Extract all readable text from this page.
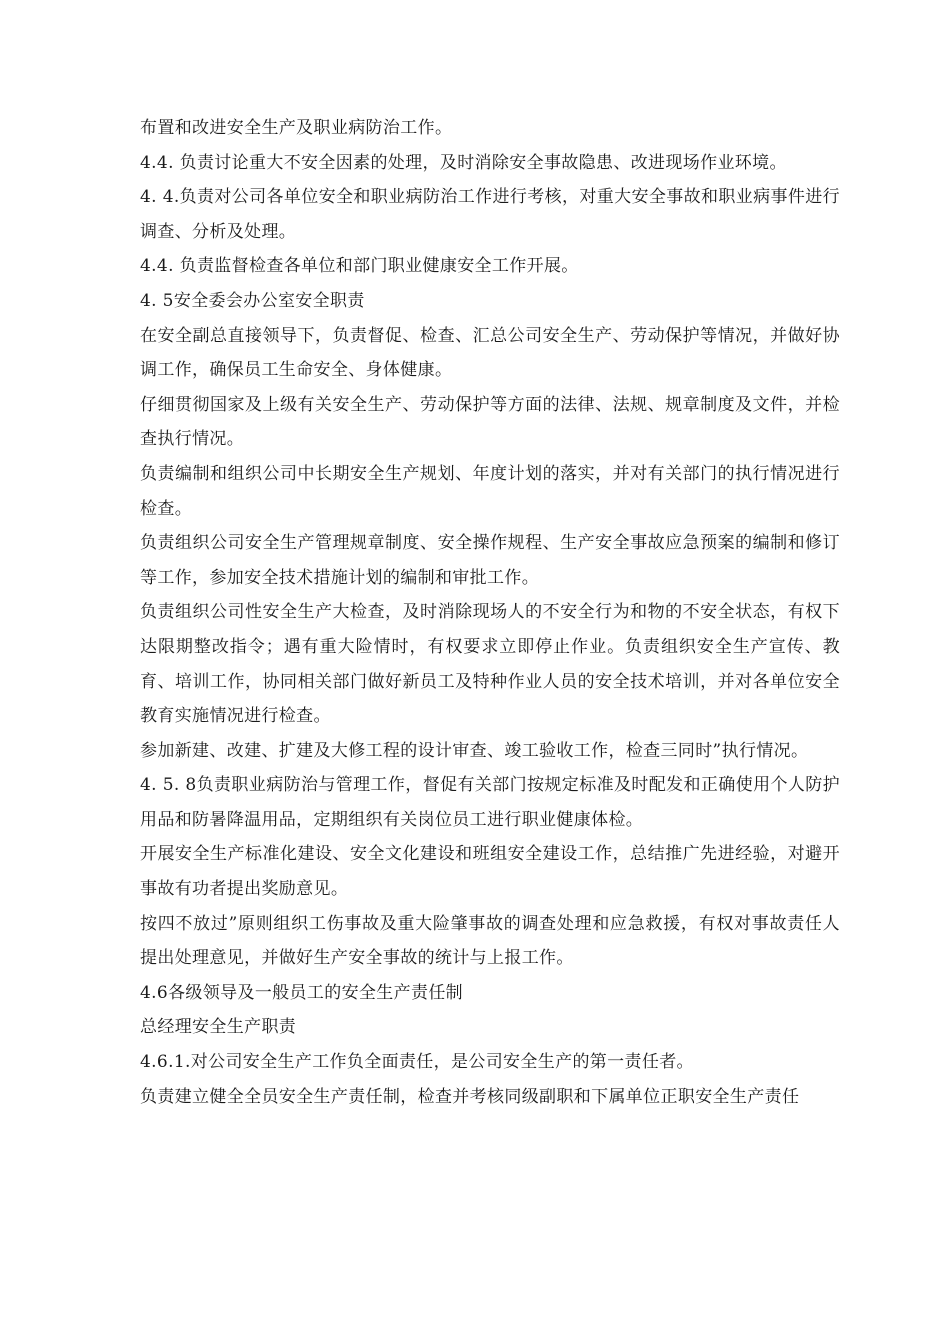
布置和改进安全生产及职业病防治工作。

4.4. 负责讨论重大不安全因素的处理，及时消除安全事故隐患、改进现场作业环境。

4. 4.负责对公司各单位安全和职业病防治工作进行考核，对重大安全事故和职业病事件进行调查、分析及处理。

4.4. 负责监督检查各单位和部门职业健康安全工作开展。

4. 5安全委会办公室安全职责

在安全副总直接领导下，负责督促、检查、汇总公司安全生产、劳动保护等情况，并做好协调工作，确保员工生命安全、身体健康。

仔细贯彻国家及上级有关安全生产、劳动保护等方面的法律、法规、规章制度及文件，并检查执行情况。

负责编制和组织公司中长期安全生产规划、年度计划的落实，并对有关部门的执行情况进行检查。

负责组织公司安全生产管理规章制度、安全操作规程、生产安全事故应急预案的编制和修订等工作，参加安全技术措施计划的编制和审批工作。

负责组织公司性安全生产大检查，及时消除现场人的不安全行为和物的不安全状态，有权下达限期整改指令；遇有重大险情时，有权要求立即停止作业。负责组织安全生产宣传、教育、培训工作，协同相关部门做好新员工及特种作业人员的安全技术培训，并对各单位安全教育实施情况进行检查。

参加新建、改建、扩建及大修工程的设计审查、竣工验收工作，检查三同时”执行情况。

4. 5. 8负责职业病防治与管理工作，督促有关部门按规定标准及时配发和正确使用个人防护用品和防暑降温用品，定期组织有关岗位员工进行职业健康体检。

开展安全生产标准化建设、安全文化建设和班组安全建设工作，总结推广先进经验，对避开事故有功者提出奖励意见。

按四不放过”原则组织工伤事故及重大险肇事故的调查处理和应急救援，有权对事故责任人提出处理意见，并做好生产安全事故的统计与上报工作。

4.6各级领导及一般员工的安全生产责任制

总经理安全生产职责

4.6.1.对公司安全生产工作负全面责任，是公司安全生产的第一责任者。

负责建立健全全员安全生产责任制，检查并考核同级副职和下属单位正职安全生产责任
